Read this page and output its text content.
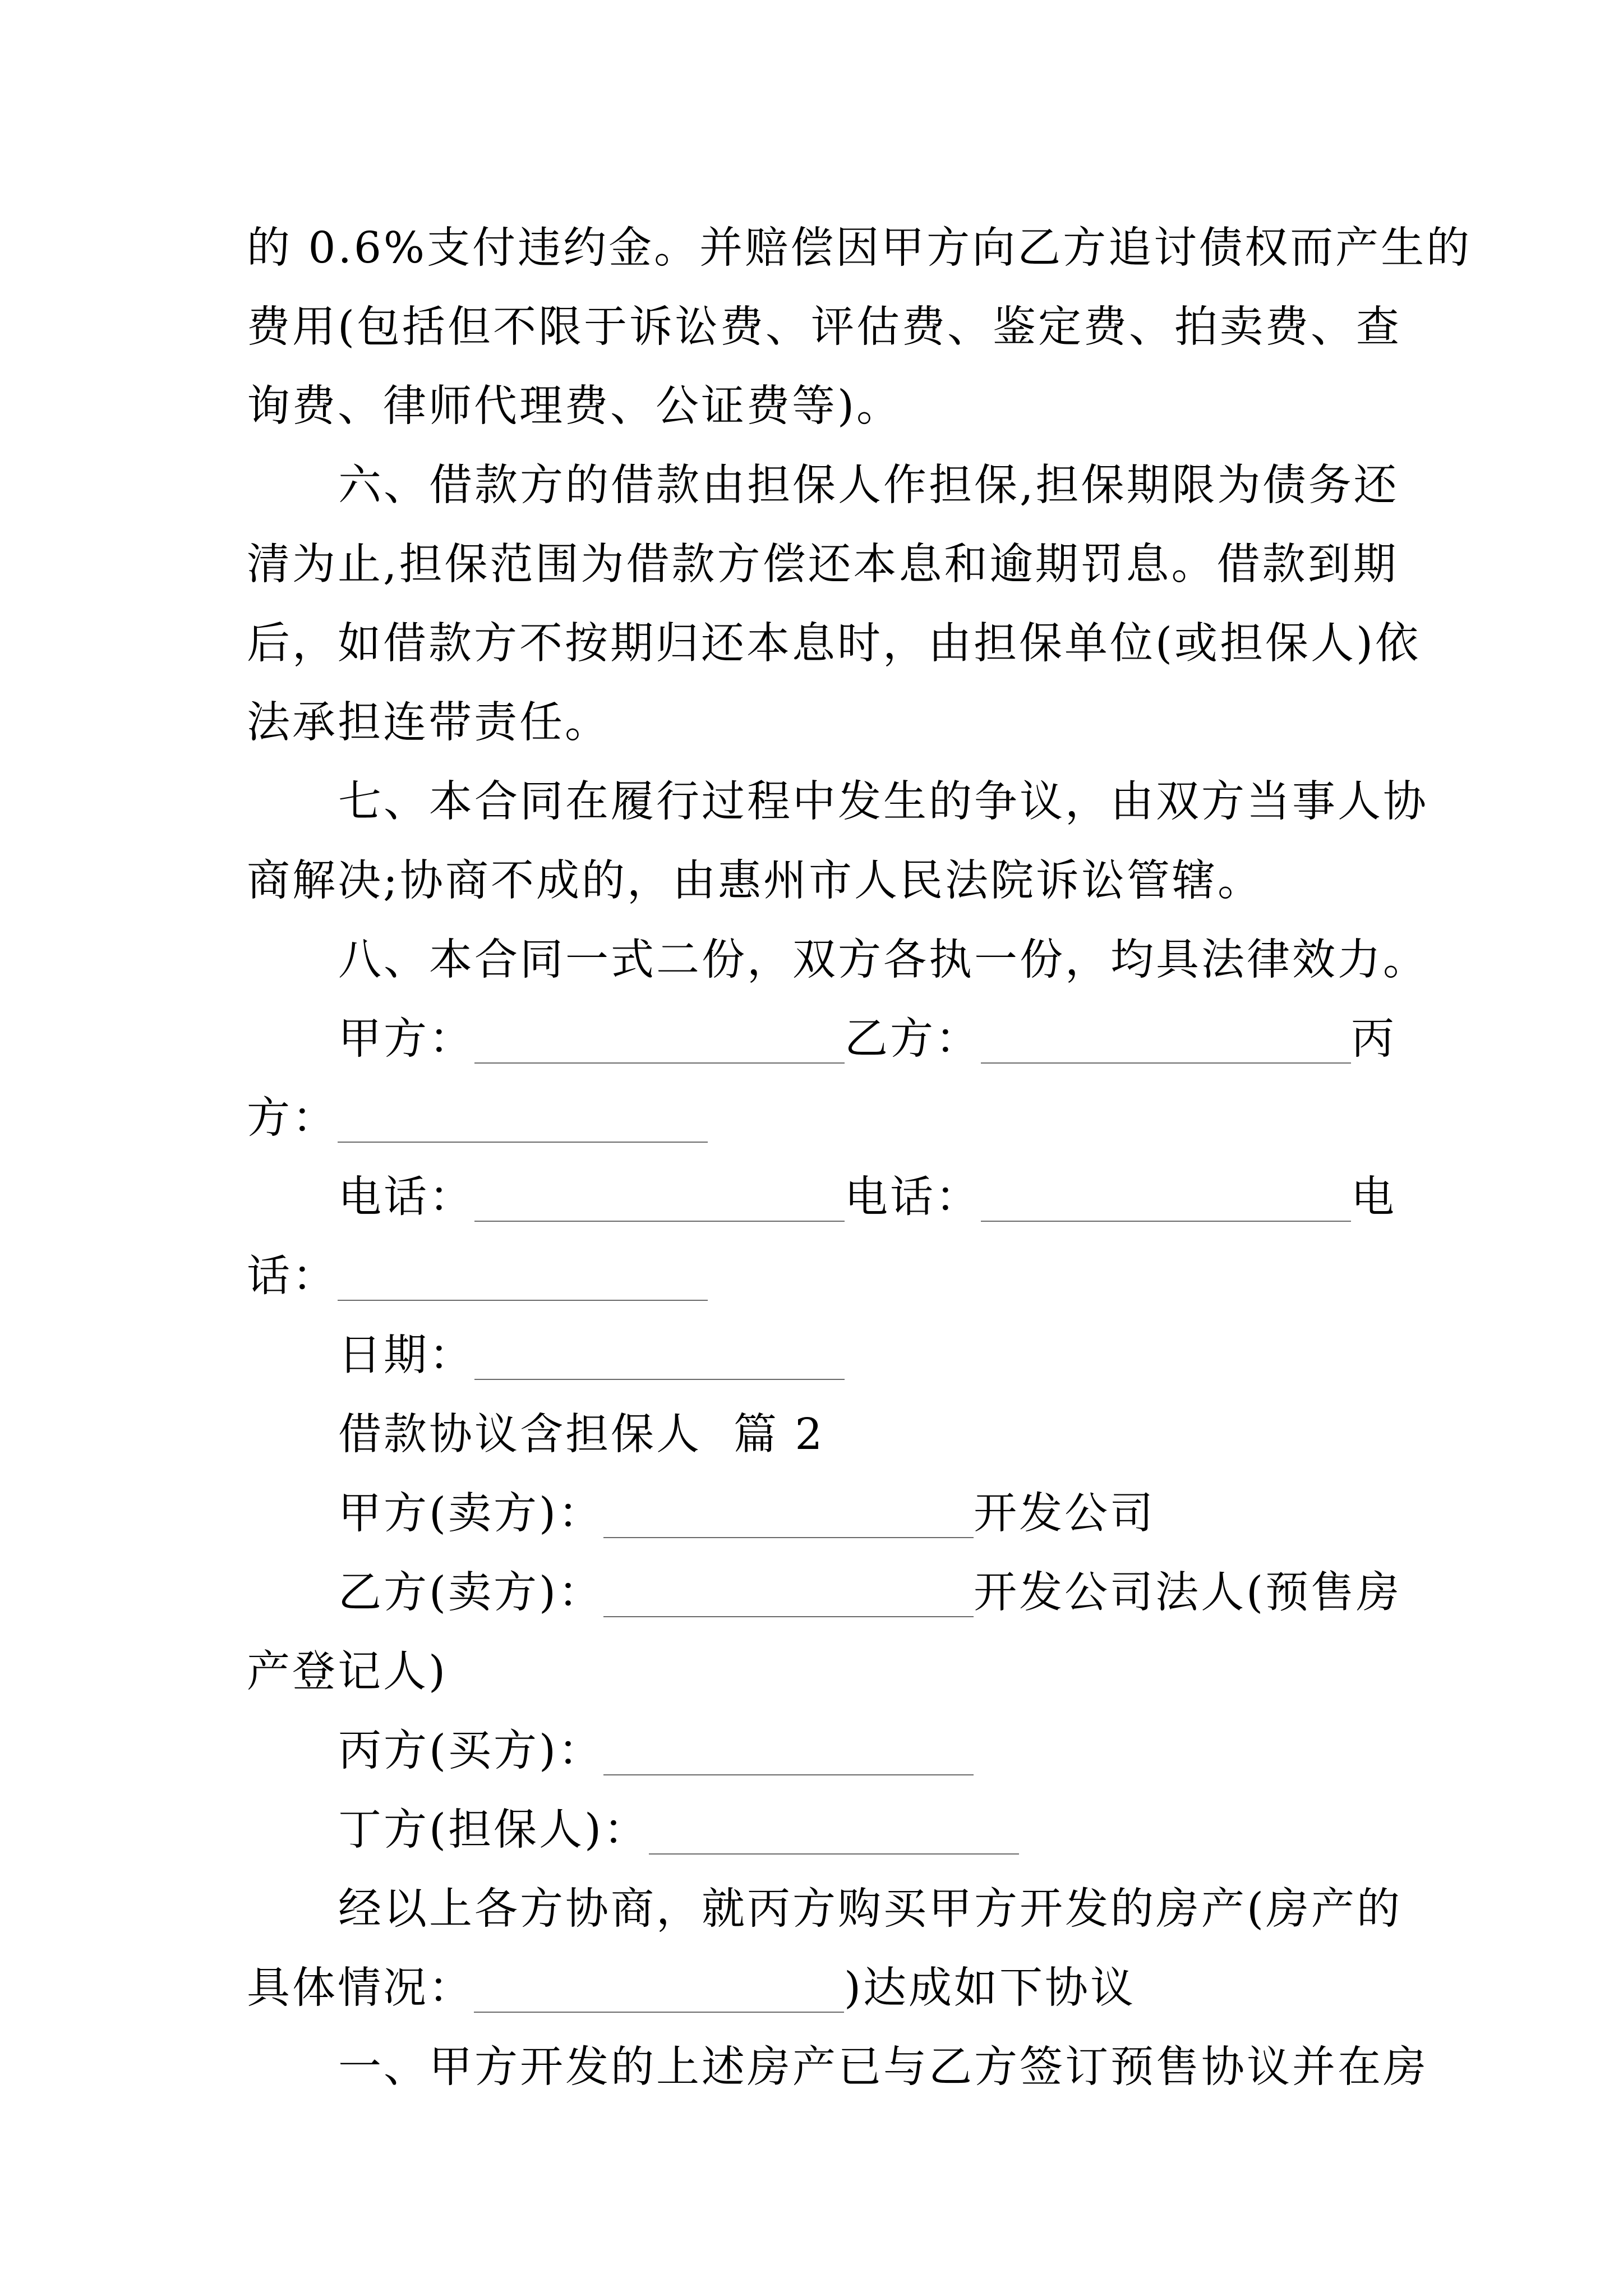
的 0.6%支付违约金。并赔偿因甲方向乙方追讨债权而产生的
费用(包括但不限于诉讼费、评估费、鉴定费、拍卖费、查
询费、律师代理费、公证费等)。
六、借款方的借款由担保人作担保,担保期限为债务还
清为止,担保范围为借款方偿还本息和逾期罚息。借款到期
后，如借款方不按期归还本息时，由担保单位(或担保人)依
法承担连带责任。
七、本合同在履行过程中发生的争议，由双方当事人协
商解决;协商不成的，由惠州市人民法院诉讼管辖。
八、本合同一式二份，双方各执一份，均具法律效力。
甲方：	乙方：	丙
方：
电话：	电话：	电
话：
日期：
借款协议含担保人  篇 2
甲方(卖方)：	开发公司
乙方(卖方)：	开发公司法人(预售房
产登记人)
丙方(买方)：
丁方(担保人)：
经以上各方协商，就丙方购买甲方开发的房产(房产的
具体情况：	)达成如下协议
一、甲方开发的上述房产已与乙方签订预售协议并在房
